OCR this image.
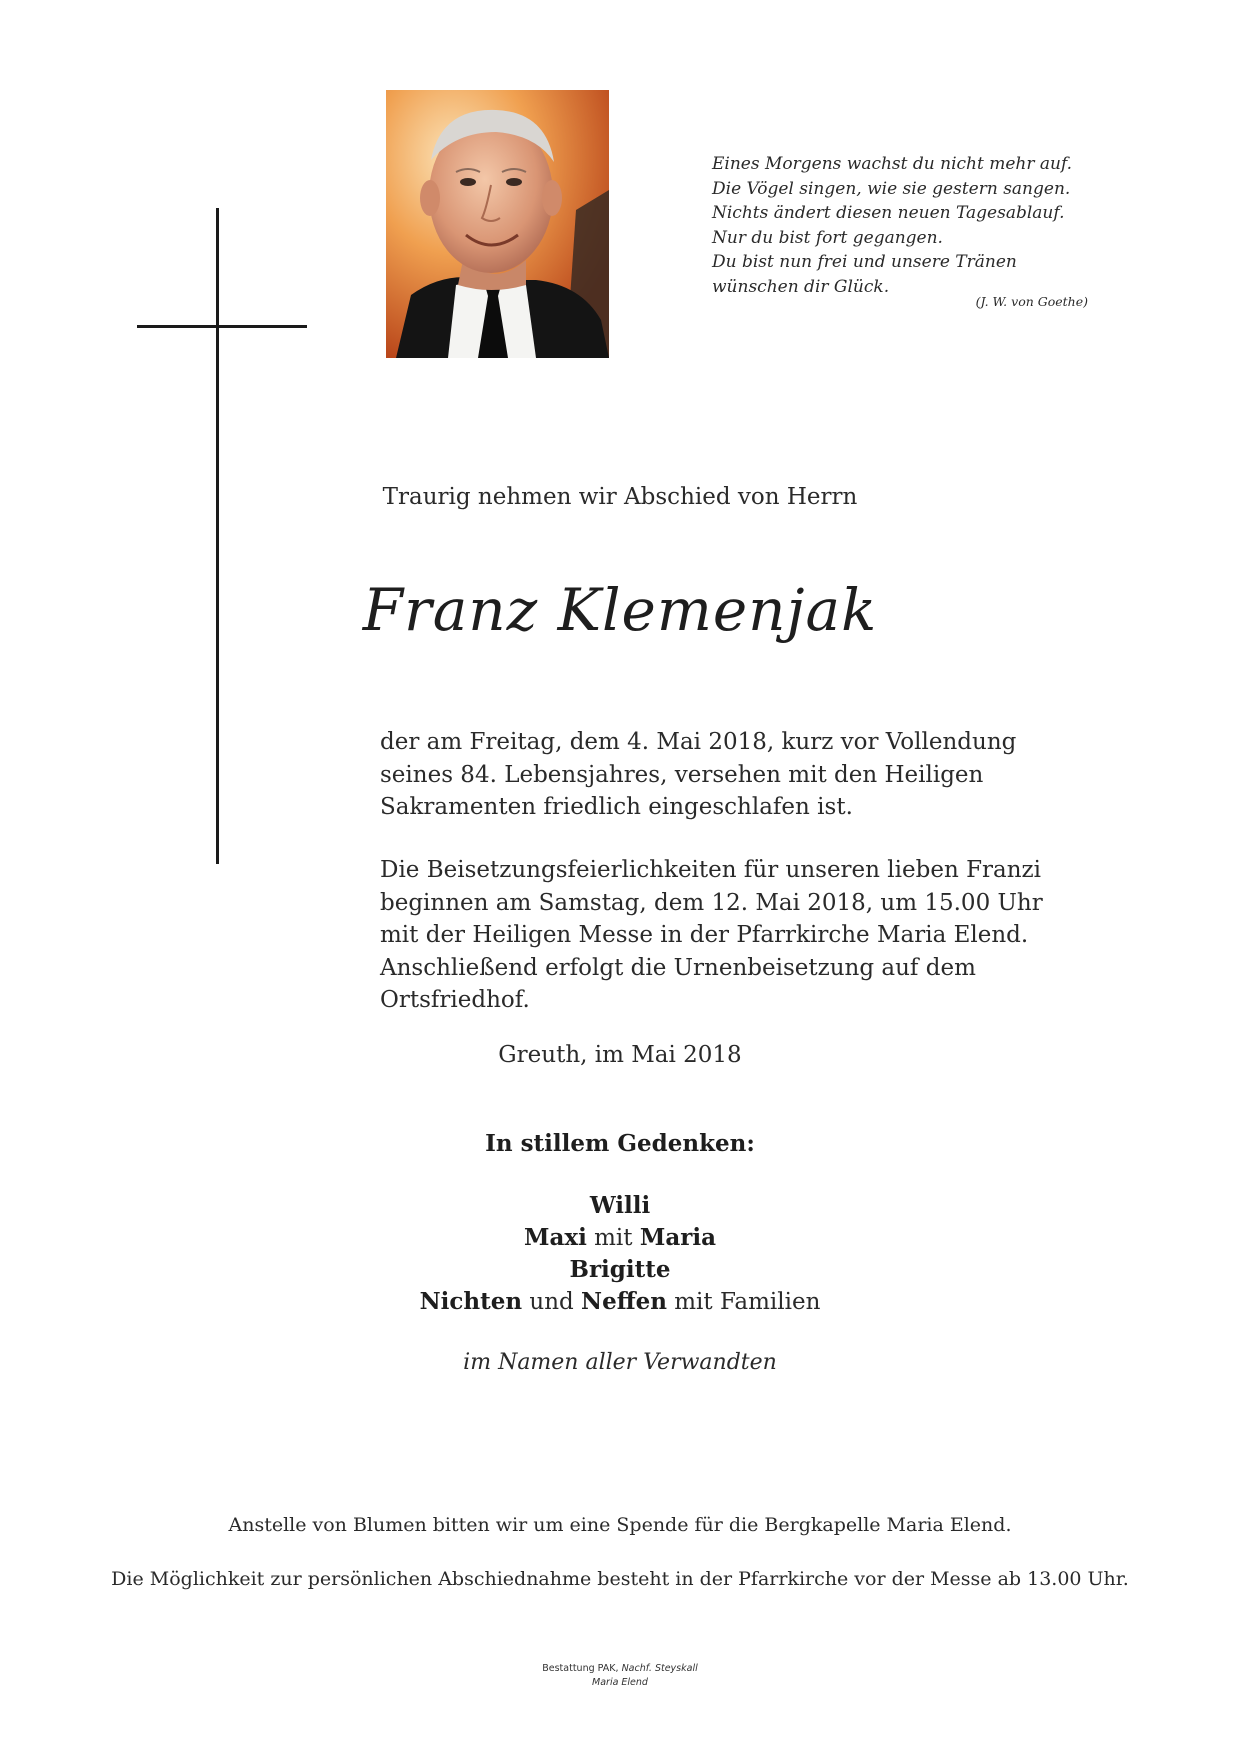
Eines Morgens wachst du nicht mehr auf.
Die Vögel singen, wie sie gestern sangen.
Nichts ändert diesen neuen Tagesablauf.
Nur du bist fort gegangen.
Du bist nun frei und unsere Tränen
wünschen dir Glück.
(J. W. von Goethe)
Traurig nehmen wir Abschied von Herrn
Franz Klemenjak
der am Freitag, dem 4. Mai 2018, kurz vor Vollendung
seines 84. Lebensjahres, versehen mit den Heiligen
Sakramenten friedlich eingeschlafen ist.
Die Beisetzungsfeierlichkeiten für unseren lieben Franzi
beginnen am Samstag, dem 12. Mai 2018, um 15.00 Uhr
mit der Heiligen Messe in der Pfarrkirche Maria Elend.
Anschließend erfolgt die Urnenbeisetzung auf dem
Ortsfriedhof.
Greuth, im Mai 2018
In stillem Gedenken:
Willi
Maxi mit Maria
Brigitte
Nichten und Neffen mit Familien
im Namen aller Verwandten
Anstelle von Blumen bitten wir um eine Spende für die Bergkapelle Maria Elend.
Die Möglichkeit zur persönlichen Abschiednahme besteht in der Pfarrkirche vor der Messe ab 13.00 Uhr.
Bestattung PAK, Nachf. Steyskall
Maria Elend
